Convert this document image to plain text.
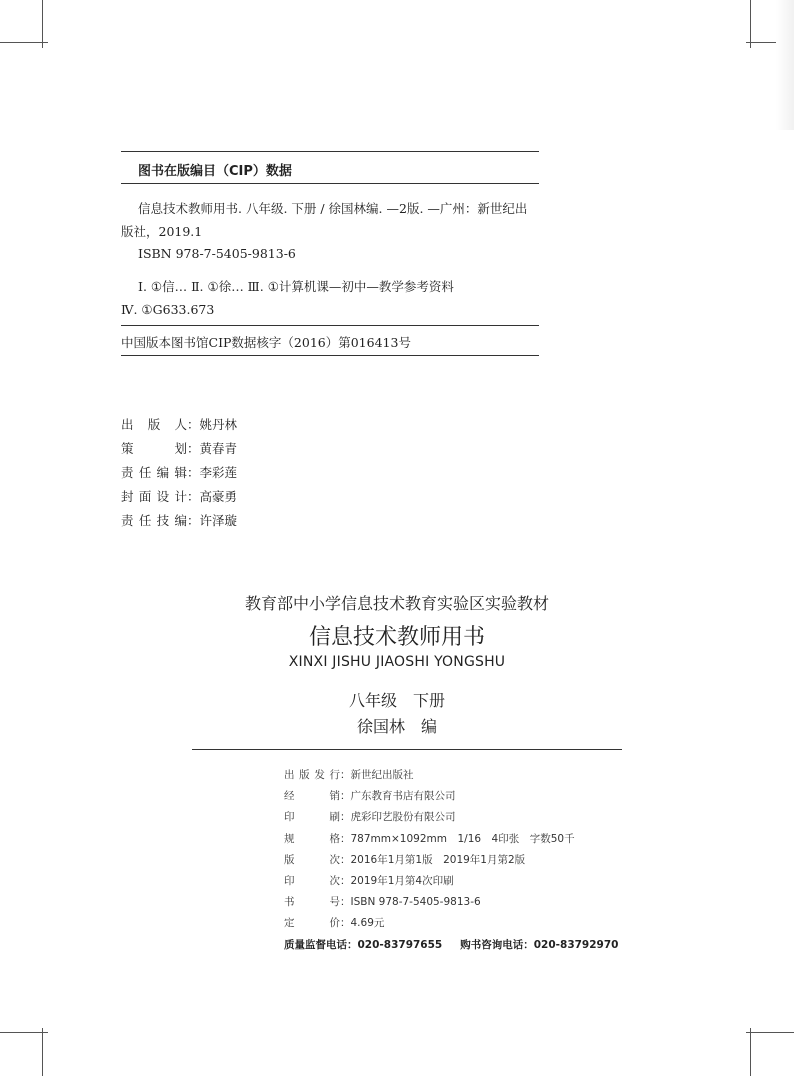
图书在版编目（CIP）数据
信息技术教师用书. 八年级. 下册 / 徐国林编. —2版. —广州：新世纪出
版社，2019.1
ISBN 978-7-5405-9813-6
Ⅰ. ①信… Ⅱ. ①徐… Ⅲ. ①计算机课—初中—教学参考资料
Ⅳ. ①G633.673
中国版本图书馆CIP数据核字（2016）第016413号
出 版 人：姚丹林
策 划：黄春青
责任编辑：李彩莲
封面设计：高豪勇
责任技编：许泽璇
教育部中小学信息技术教育实验区实验教材
信息技术教师用书
XINXI JISHU JIAOSHI YONGSHU
八年级　下册
徐国林　编
出版发行：新世纪出版社
经 销：广东教育书店有限公司
印 刷：虎彩印艺股份有限公司
规 格：787mm×1092mm　1/16　4印张　字数50千
版 次：2016年1月第1版　2019年1月第2版
印 次：2019年1月第4次印刷
书 号：ISBN 978-7-5405-9813-6
定 价：4.69元
质量监督电话：020-83797655 购书咨询电话：020-83792970
